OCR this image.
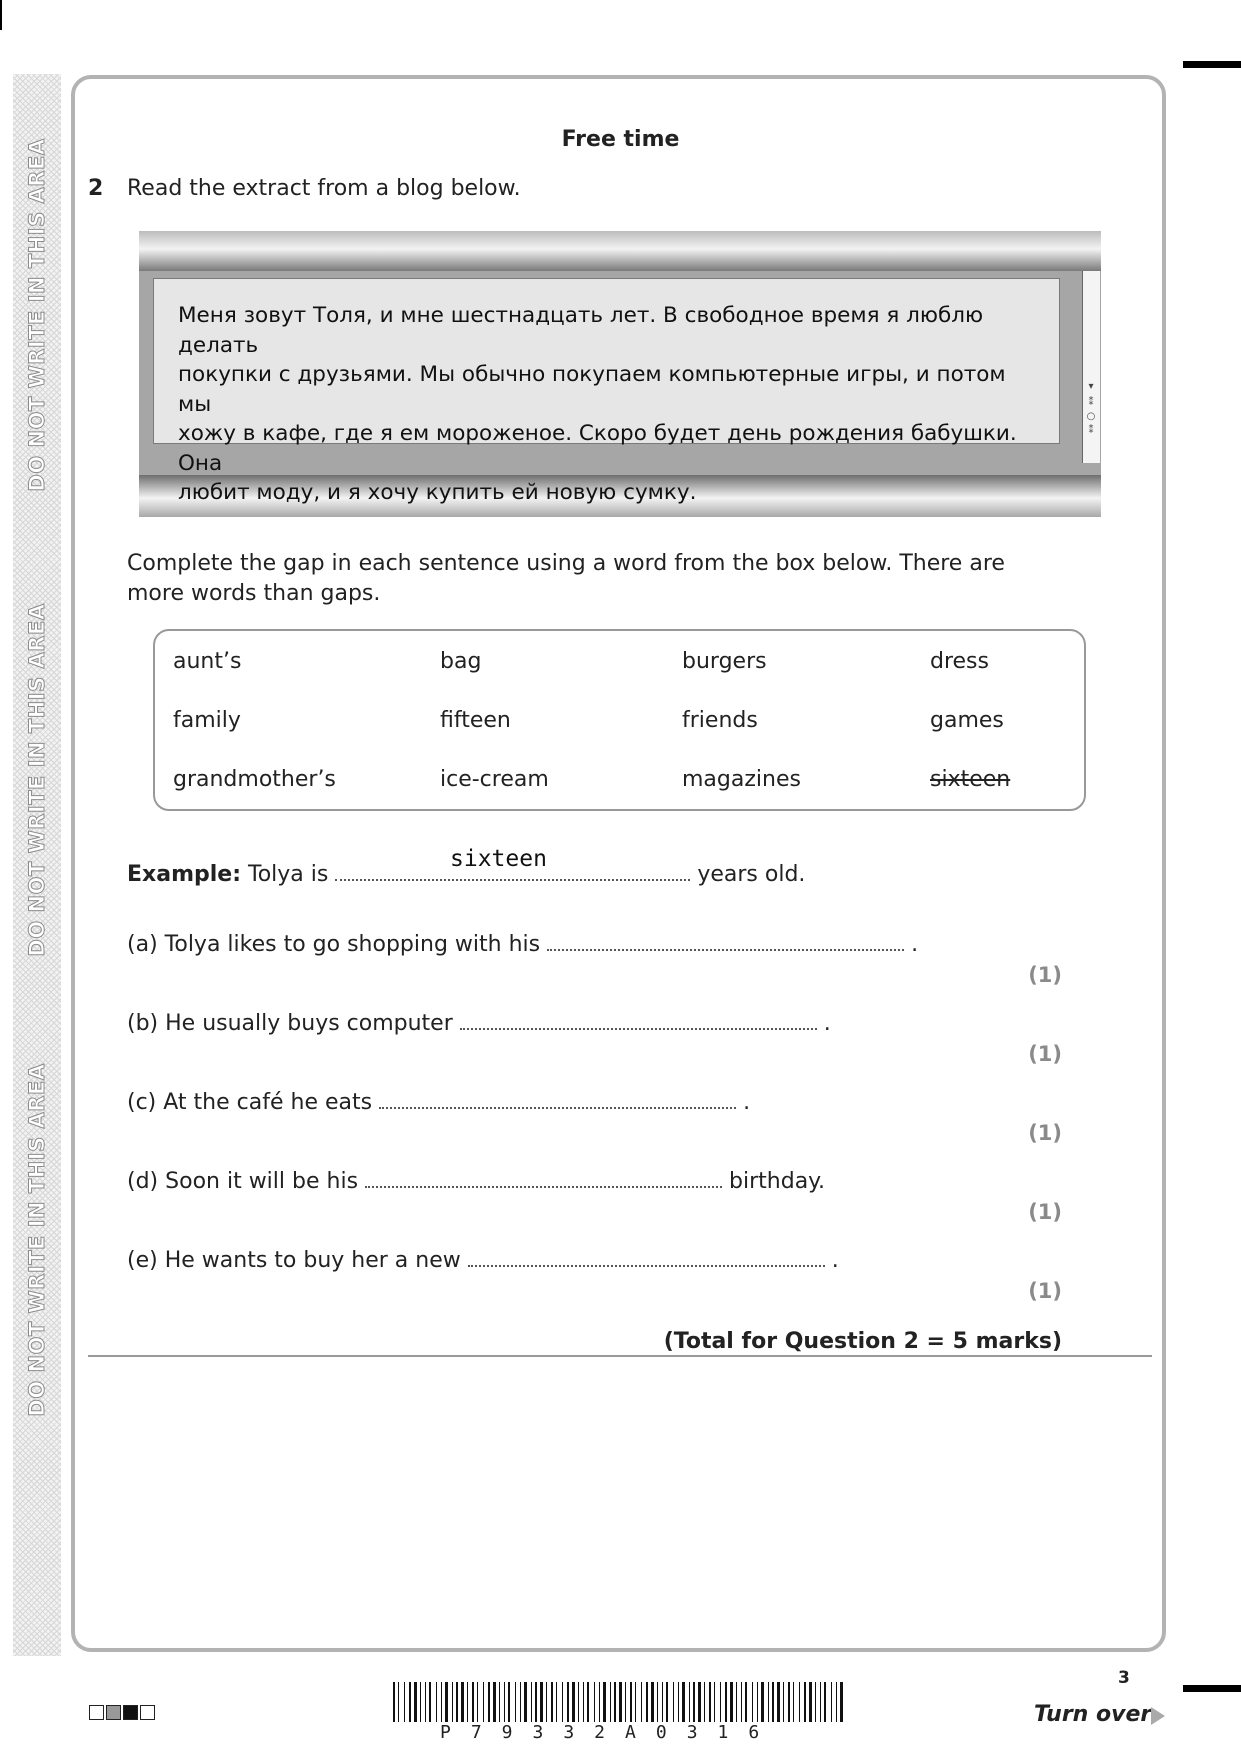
DO NOT WRITE IN THIS AREA
DO NOT WRITE IN THIS AREA
DO NOT WRITE IN THIS AREA
Free time
2 Read the extract from a blog below.
Меня зовут Толя, и мне шестнадцать лет. В свободное время я люблю делать
покупки с друзьями. Мы обычно покупаем компьютерные игры, и потом мы
хожу в кафе, где я ем мороженое. Скоро будет день рождения бабушки. Она
любит моду, и я хочу купить ей новую сумку.
▾
⁑
○
⁑
Complete the gap in each sentence using a word from the box below. There are more words than gaps.
aunt’s	bag	burgers	dress
family	fifteen	friends	games
grandmother’s	ice-cream	magazines	sixteen
Example: Tolya is	years old.
sixteen
(a) Tolya likes to go shopping with his	.
(1)
(b) He usually buys computer	.
(1)
(c) At the café he eats	.
(1)
(d) Soon it will be his	birthday.
(1)
(e) He wants to buy her a new	.
(1)
(Total for Question 2 = 5 marks)
P79332A0316
3
Turn over
